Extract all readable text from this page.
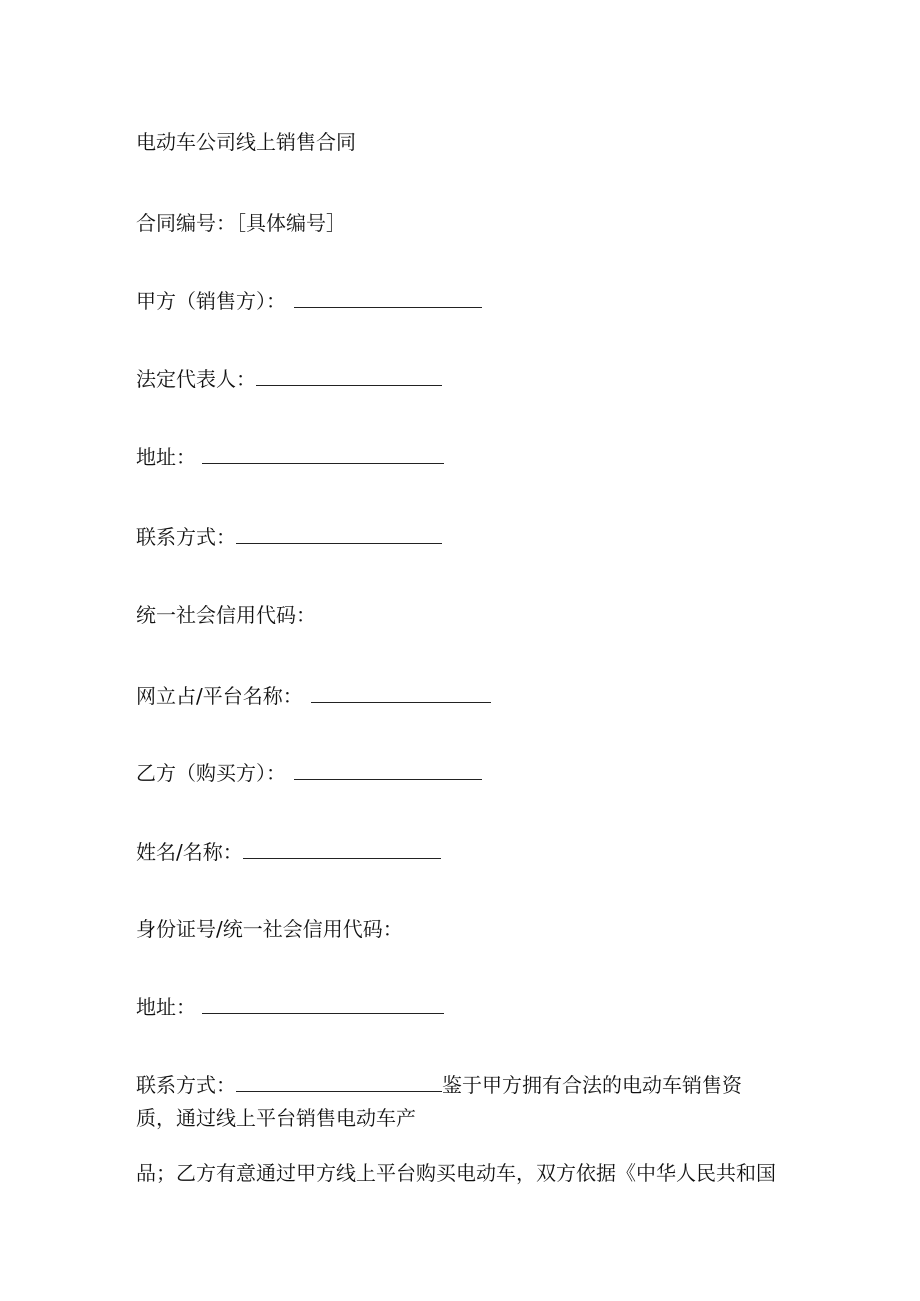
电动车公司线上销售合同
合同编号：［具体编号］
甲方（销售方）：
法定代表人：
地址：
联系方式：
统一社会信用代码：
网立占/平台名称：
乙方（购买方）：
姓名/名称：
身份证号/统一社会信用代码：
地址：
联系方式：	鉴于甲方拥有合法的电动车销售资
质，通过线上平台销售电动车产
品；乙方有意通过甲方线上平台购买电动车，双方依据《中华人民共和国
